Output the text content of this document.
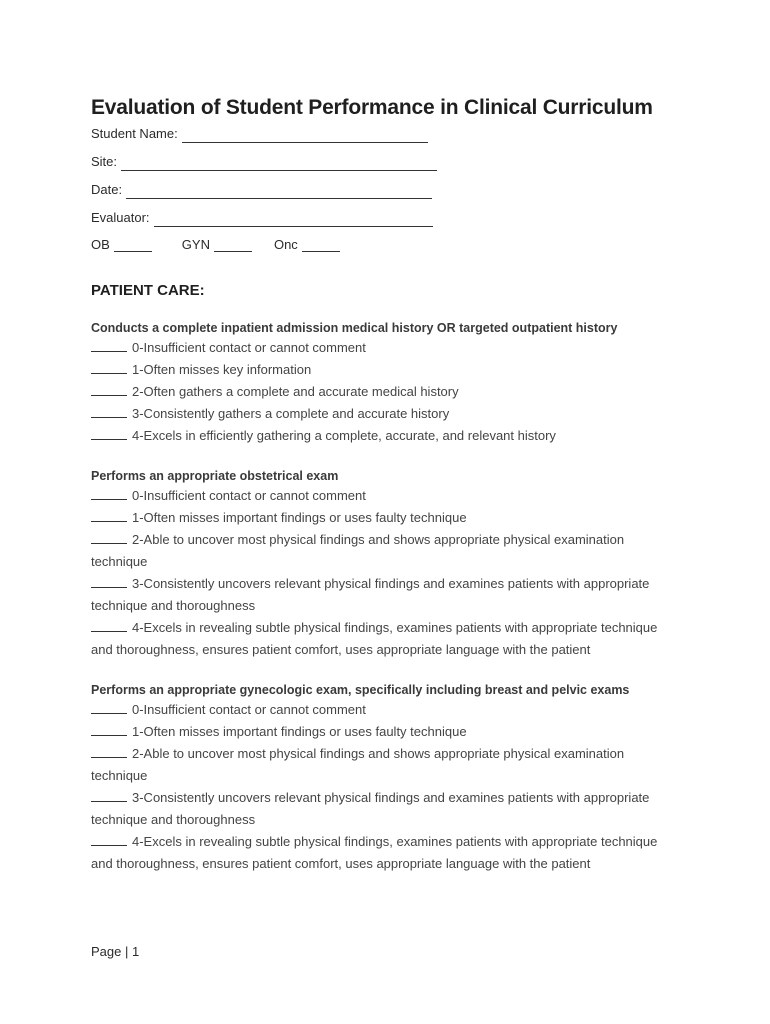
Evaluation of Student Performance in Clinical Curriculum
Student Name:
Site:
Date:
Evaluator:
OB	GYN	Onc
PATIENT CARE:
Conducts a complete inpatient admission medical history OR targeted outpatient history
0-Insufficient contact or cannot comment
1-Often misses key information
2-Often gathers a complete and accurate medical history
3-Consistently gathers a complete and accurate history
4-Excels in efficiently gathering a complete, accurate, and relevant history
Performs an appropriate obstetrical exam
0-Insufficient contact or cannot comment
1-Often misses important findings or uses faulty technique
2-Able to uncover most physical findings and shows appropriate physical examination technique
3-Consistently uncovers relevant physical findings and examines patients with appropriate technique and thoroughness
4-Excels in revealing subtle physical findings, examines patients with appropriate technique and thoroughness, ensures patient comfort, uses appropriate language with the patient
Performs an appropriate gynecologic exam, specifically including breast and pelvic exams
0-Insufficient contact or cannot comment
1-Often misses important findings or uses faulty technique
2-Able to uncover most physical findings and shows appropriate physical examination technique
3-Consistently uncovers relevant physical findings and examines patients with appropriate technique and thoroughness
4-Excels in revealing subtle physical findings, examines patients with appropriate technique and thoroughness, ensures patient comfort, uses appropriate language with the patient
Page | 1
